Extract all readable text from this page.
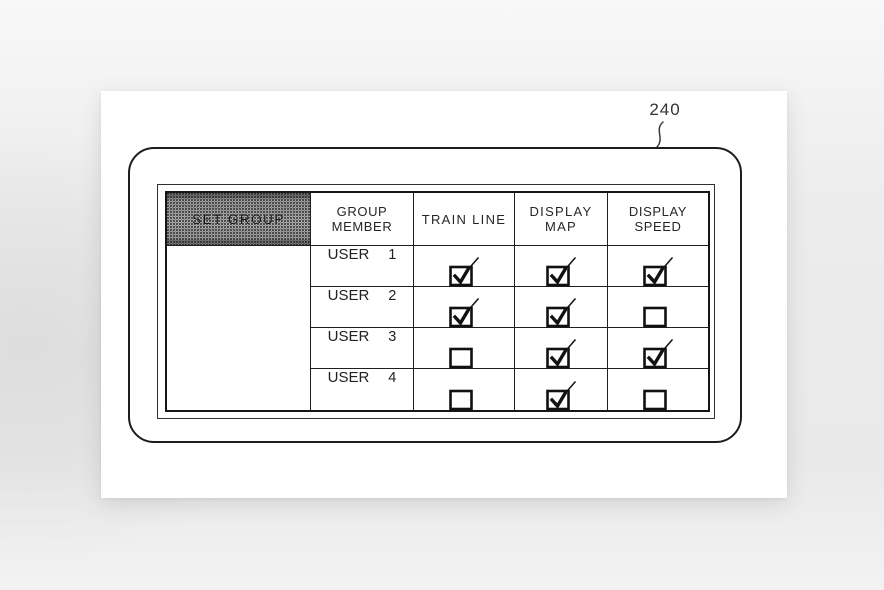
240
SET GROUP	GROUP
MEMBER TRAIN LINE	DISPLAY MAP
DISPLAY
SPEED
USER 1
USER 2
USER 3
USER 4
